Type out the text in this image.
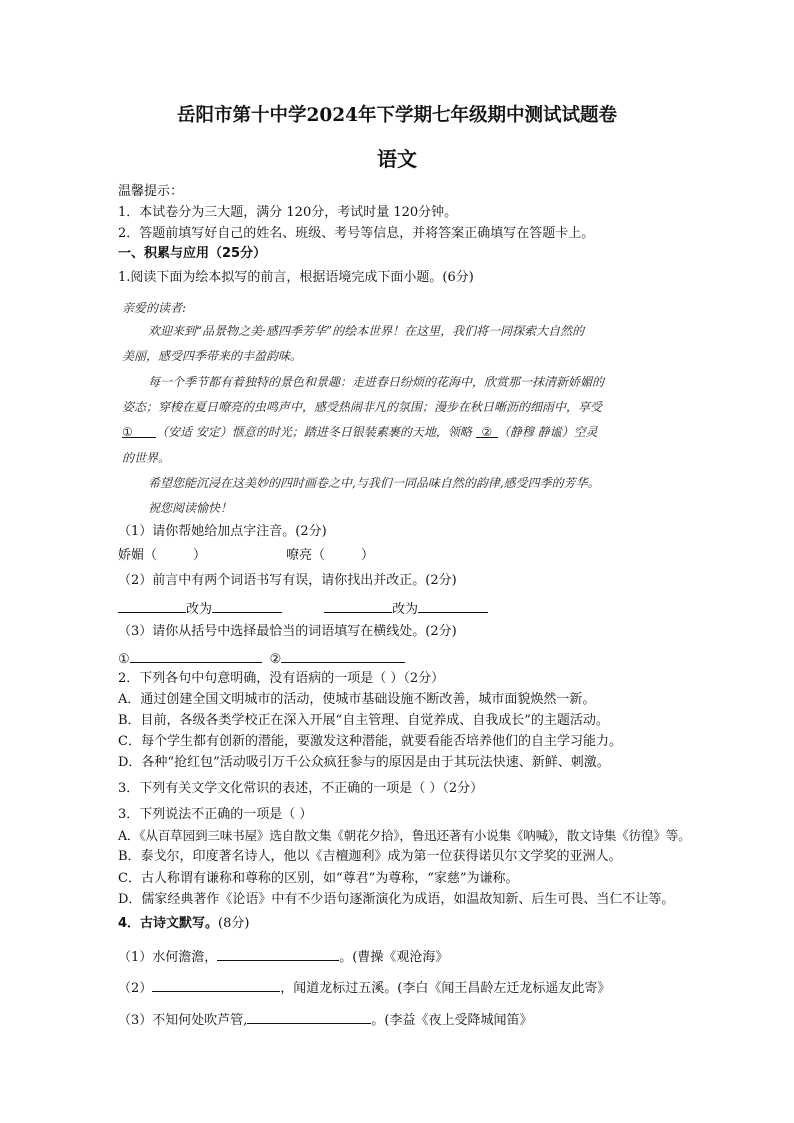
岳阳市第十中学2024年下学期七年级期中测试试题卷
语文
温馨提示：
1．本试卷分为三大题，满分 120分，考试时量 120分钟。
2．答题前填写好自己的姓名、班级、考号等信息，并将答案正确填写在答题卡上。
一、积累与应用（25分）
1.阅读下面为绘本拟写的前言，根据语境完成下面小题。(6分)
亲爱的读者:
欢迎来到“品景物之美·感四季芳华”的绘本世界！在这里，我们将一同探索大自然的
美丽，感受四季带来的丰盈韵味。
每一个季节都有着独特的景色和景趣：走进春日纷烦的花海中，欣赏那一抹清新娇媚的
姿态；穿梭在夏日嘹亮的虫鸣声中，感受热闹非凡的氛围；漫步在秋日晰沥的细雨中，享受
① （安适 安定）惬意的时光；踏进冬日银装素裹的天地，领略 ② （静穆 静谧）空灵
的世界。
希望您能沉浸在这美妙的四时画卷之中,与我们一同品味自然的韵律,感受四季的芳华。
祝您阅读愉快！
（1）请你帮她给加点字注音。(2分)
娇媚（	）	嘹亮（	）
（2）前言中有两个词语书写有误，请你找出并改正。(2分)
改为	改为
（3）请你从括号中选择最恰当的词语填写在横线处。(2分)
①	②
2．下列各句中句意明确，没有语病的一项是（ ）（2分）
A．通过创建全国文明城市的活动，使城市基础设施不断改善，城市面貌焕然一新。
B．目前，各级各类学校正在深入开展“自主管理、自觉养成、自我成长”的主题活动。
C．每个学生都有创新的潜能，要激发这种潜能，就要看能否培养他们的自主学习能力。
D．各种“抢红包”活动吸引万千公众疯狂参与的原因是由于其玩法快速、新鲜、刺激。
3．下列有关文学文化常识的表述，不正确的一项是（ ）（2分）
3．下列说法不正确的一项是（ ）
A．《从百草园到三味书屋》选自散文集《朝花夕拾》，鲁迅还著有小说集《呐喊》，散文诗集《彷徨》等。
B．泰戈尔，印度著名诗人，他以《吉檀迦利》成为第一位获得诺贝尔文学奖的亚洲人。
C．古人称谓有谦称和尊称的区别，如“尊君”为尊称，“家慈”为谦称。
D．儒家经典著作《论语》中有不少语句逐渐演化为成语，如温故知新、后生可畏、当仁不让等。
4．古诗文默写。(8分)
（1）水何澹澹，	。(曹操《观沧海》
（2）	，闻道龙标过五溪。(李白《闻王昌龄左迁龙标遥友此寄》
（3）不知何处吹芦管,	。(李益《夜上受降城闻笛》
